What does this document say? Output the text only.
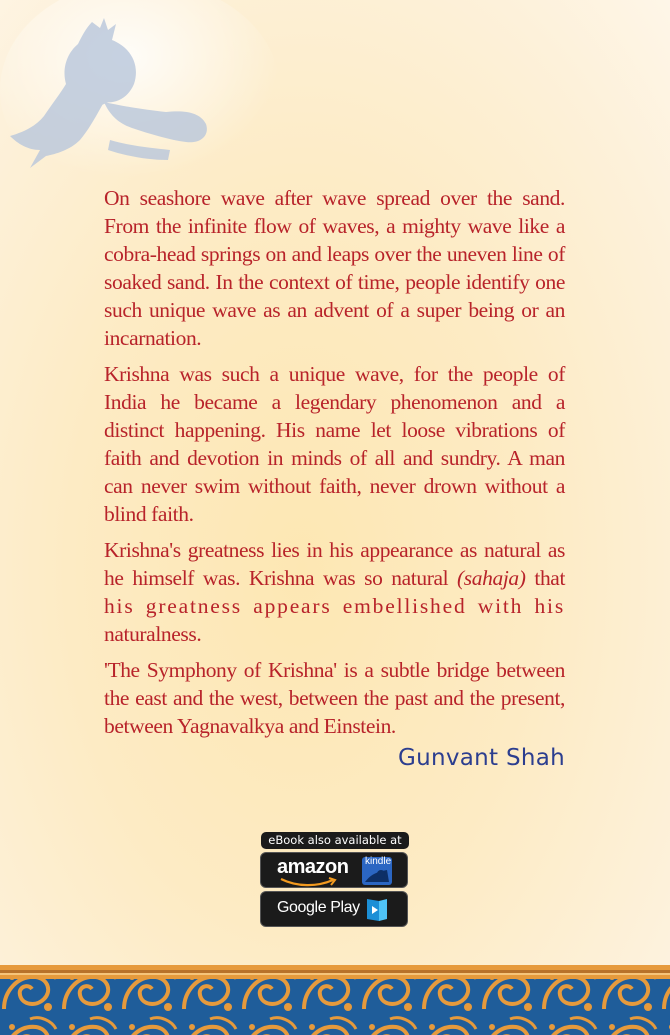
On seashore wave after wave spread over the sand. From the infinite flow of waves, a mighty wave like a cobra-head springs on and leaps over the uneven line of soaked sand. In the context of time, people identify one such unique wave as an advent of a super being or an incarnation.

Krishna was such a unique wave, for the people of India he became a legendary phenomenon and a distinct happening. His name let loose vibrations of faith and devotion in minds of all and sundry. A man can never swim without faith, never drown without a blind faith.

Krishna's greatness lies in his appearance as natural as he himself was. Krishna was so natural (sahaja) that his greatness appears embellished with his naturalness.

'The Symphony of Krishna' is a subtle bridge between the east and the west, between the past and the present, between Yagnavalkya and Einstein.

Gunvant Shah
eBook also available at
amazon kindle
Google Play
